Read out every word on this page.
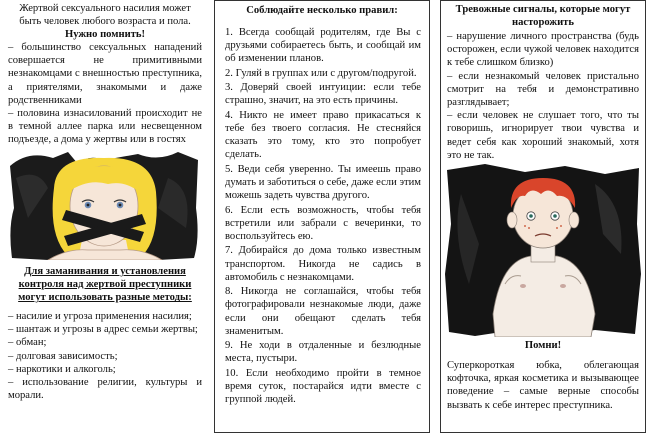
Жертвой сексуального насилия может быть человек любого возраста и пола.

Нужно помнить!

– большинство сексуальных нападений совершается не примитивными незнакомцами с внешностью преступника, а приятелями, знакомыми и даже родственниками

– половина изнасилований происходит не в темной аллее парка или несвещенном подъезде, а дома у жертвы или в гостях

Для заманивания и установления контроля над жертвой преступники могут использовать разные методы:

– насилие и угроза применения насилия;

– шантаж и угрозы в адрес семьи жертвы;

– обман;

– долговая зависимость;

– наркотики и алкоголь;

– использование религии, культуры и морали.

Соблюдайте несколько правил:

1. Всегда сообщай родителям, где Вы с друзьями собираетесь быть, и сообщай им об изменении планов.

2. Гуляй в группах или с другом/подругой.

3. Доверяй своей интуиции: если тебе страшно, значит, на это есть причины.

4. Никто не имеет право прикасаться к тебе без твоего согласия. Не стесняйся сказать это тому, кто это попробует сделать.

5. Веди себя уверенно. Ты имеешь право думать и заботиться о себе, даже если этим можешь задеть чувства другого.

6. Если есть возможность, чтобы тебя встретили или забрали с вечеринки, то воспользуйтесь ею.

7. Добирайся до дома только известным транспортом. Никогда не садись в автомобиль с незнакомцами.

8. Никогда не соглашайся, чтобы тебя фотографировали незнакомые люди, даже если они обещают сделать тебя знаменитым.

9. Не ходи в отдаленные и безлюдные места, пустыри.

10. Если необходимо пройти в темное время суток, постарайся идти вместе с группой людей.

Тревожные сигналы, которые могут насторожить

– нарушение личного пространства (будь осторожен, если чужой человек находится к тебе слишком близко)

– если незнакомый человек пристально смотрит на тебя и демонстративно разглядывает;

– если человек не слушает того, что ты говоришь, игнорирует твои чувства и ведет себя как хороший знакомый, хотя это не так.

Помни!

Суперкороткая юбка, облегающая кофточка, яркая косметика и вызывающее поведение – самые верные способы вызвать к себе интерес преступника.
